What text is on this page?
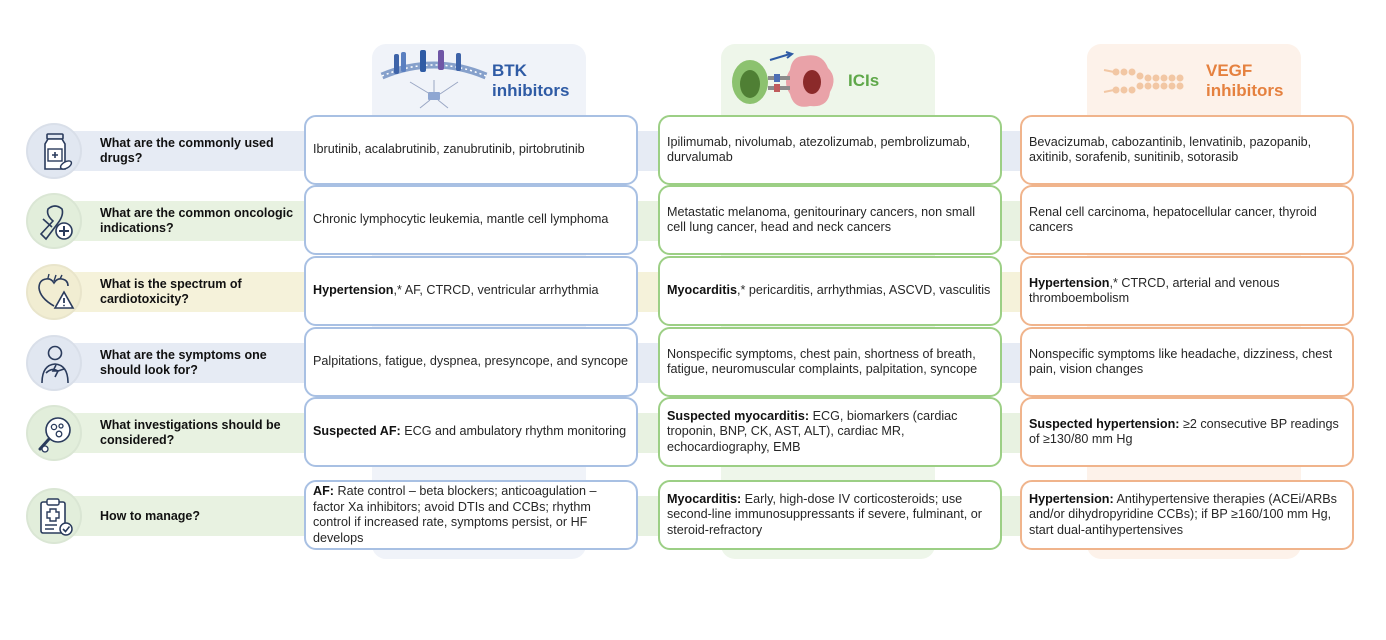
BTK
inhibitors
ICIs
VEGF
inhibitors
What are the commonly used drugs?
Ibrutinib, acalabrutinib, zanubrutinib, pirtobrutinib
Ipilimumab, nivolumab, atezolizumab, pembrolizumab, durvalumab
Bevacizumab, cabozantinib, lenvatinib, pazopanib, axitinib, sorafenib, sunitinib, sotorasib
What are the common oncologic indications?
Chronic lymphocytic leukemia, mantle cell lymphoma
Metastatic melanoma, genitourinary cancers, non small cell lung cancer, head and neck cancers
Renal cell carcinoma, hepatocellular cancer, thyroid cancers
What is the spectrum of cardiotoxicity?
Hypertension,* AF, CTRCD, ventricular arrhythmia	Myocarditis,* pericarditis, arrhythmias, ASCVD, vasculitis
Hypertension,* CTRCD, arterial and venous thromboembolism
What are the symptoms one should look for?
Palpitations, fatigue, dyspnea, presyncope, and syncope
Nonspecific symptoms, chest pain, shortness of breath, fatigue, neuromuscular complaints, palpitation, syncope
Nonspecific symptoms like headache, dizziness, chest pain, vision changes
What investigations should be considered?
Suspected AF: ECG and ambulatory rhythm monitoring
Suspected myocarditis: ECG, biomarkers (cardiac troponin, BNP, CK, AST, ALT), cardiac MR, echocardiography, EMB
Suspected hypertension: ≥2 consecutive BP readings of ≥130/80 mm Hg
How to manage?
AF: Rate control – beta blockers; anticoagulation – factor Xa inhibitors; avoid DTIs and CCBs; rhythm control if increased rate, symptoms persist, or HF develops
Myocarditis: Early, high-dose IV corticosteroids; use second-line immunosuppressants if severe, fulminant, or steroid-refractory
Hypertension: Antihypertensive therapies (ACEi/ARBs and/or dihydropyridine CCBs); if BP ≥160/100 mm Hg, start dual-antihypertensives
